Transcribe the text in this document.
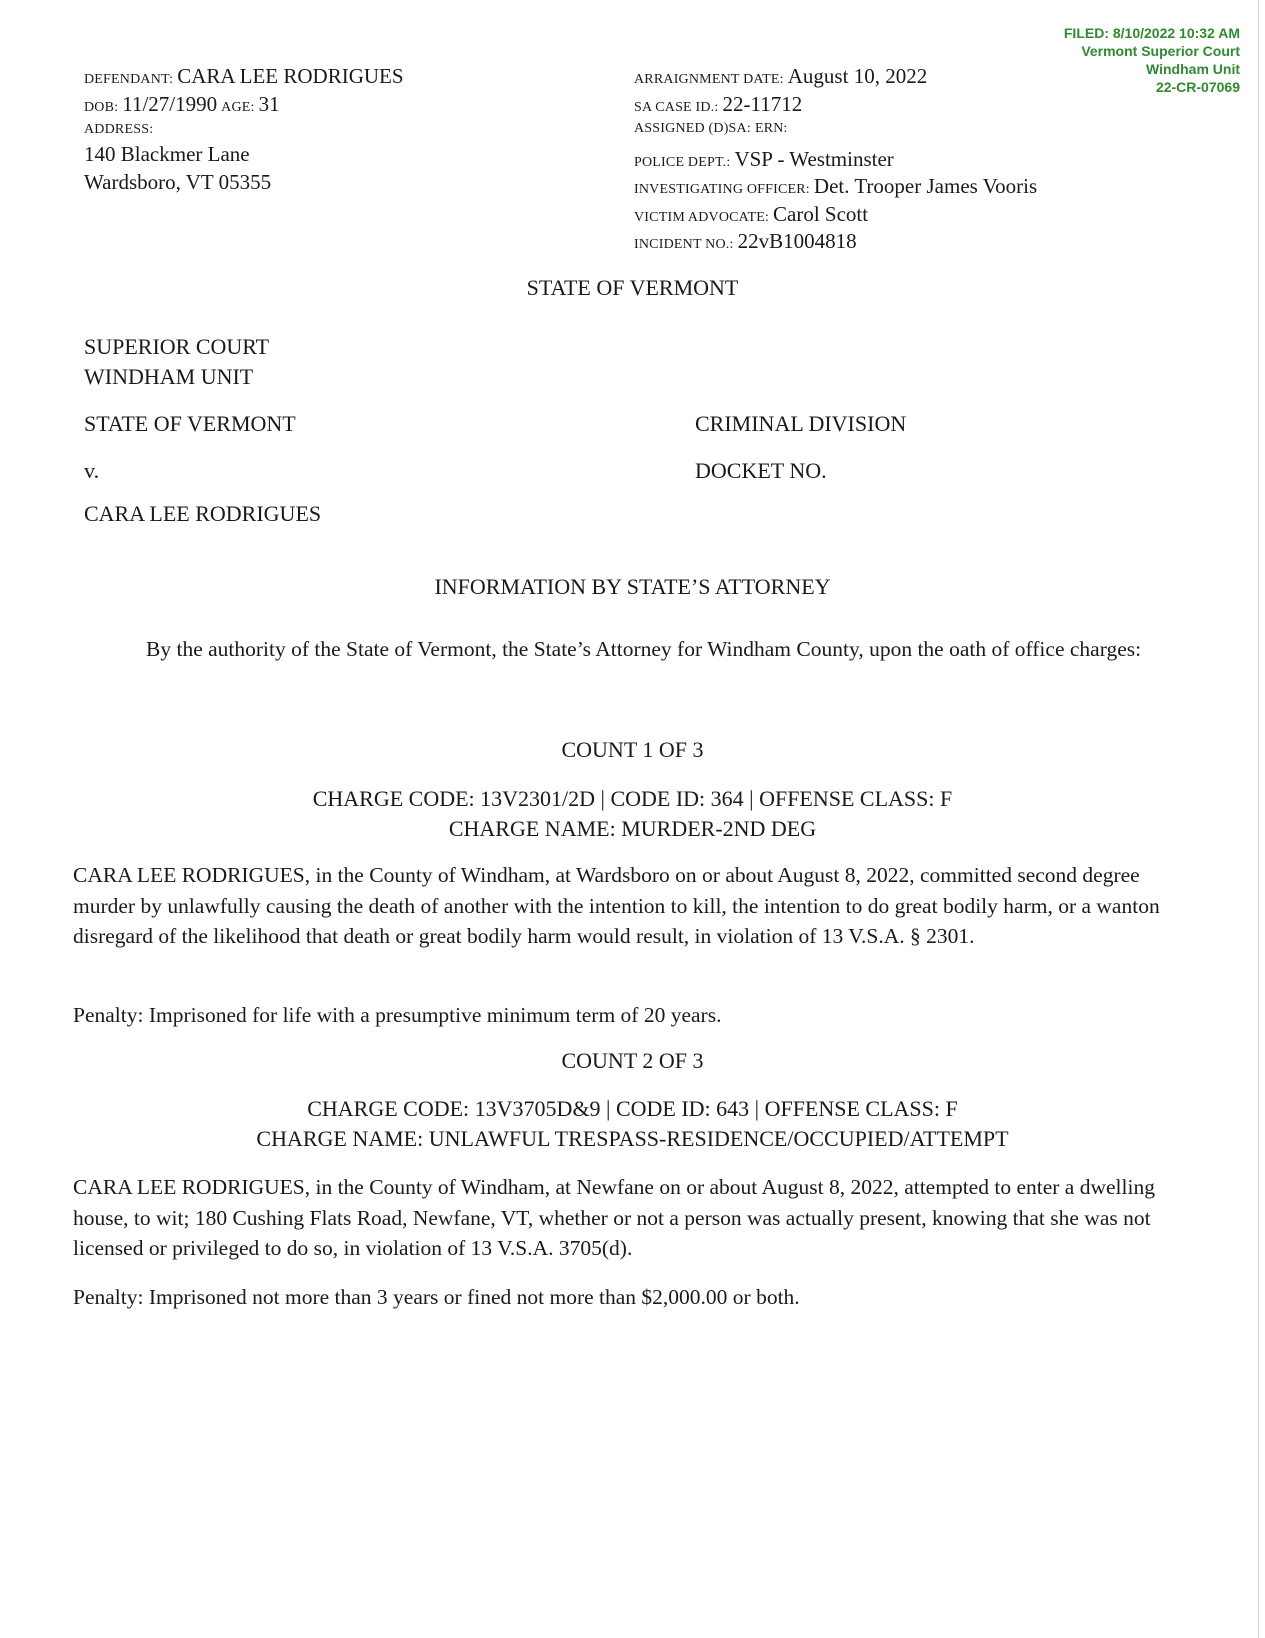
FILED: 8/10/2022 10:32 AM
Vermont Superior Court
Windham Unit
22-CR-07069
DEFENDANT: CARA LEE RODRIGUES
DOB: 11/27/1990 AGE: 31
ADDRESS:
140 Blackmer Lane
Wardsboro, VT 05355
ARRAIGNMENT DATE: August 10, 2022
SA CASE ID.: 22-11712
ASSIGNED (D)SA: ERN:
POLICE DEPT.: VSP - Westminster
INVESTIGATING OFFICER: Det. Trooper James Vooris
VICTIM ADVOCATE: Carol Scott
INCIDENT NO.: 22vB1004818
STATE OF VERMONT
SUPERIOR COURT
WINDHAM UNIT
STATE OF VERMONT
v.
CARA LEE RODRIGUES
CRIMINAL DIVISION
DOCKET NO.
INFORMATION BY STATE’S ATTORNEY
By the authority of the State of Vermont, the State’s Attorney for Windham County, upon the oath of office charges:
COUNT 1 OF 3
CHARGE CODE: 13V2301/2D | CODE ID: 364 | OFFENSE CLASS: F
CHARGE NAME: MURDER-2ND DEG
CARA LEE RODRIGUES, in the County of Windham, at Wardsboro on or about August 8, 2022, committed second degree murder by unlawfully causing the death of another with the intention to kill, the intention to do great bodily harm, or a wanton disregard of the likelihood that death or great bodily harm would result, in violation of 13 V.S.A. § 2301.
Penalty: Imprisoned for life with a presumptive minimum term of 20 years.
COUNT 2 OF 3
CHARGE CODE: 13V3705D&9 | CODE ID: 643 | OFFENSE CLASS: F
CHARGE NAME: UNLAWFUL TRESPASS-RESIDENCE/OCCUPIED/ATTEMPT
CARA LEE RODRIGUES, in the County of Windham, at Newfane on or about August 8, 2022, attempted to enter a dwelling house, to wit; 180 Cushing Flats Road, Newfane, VT, whether or not a person was actually present, knowing that she was not licensed or privileged to do so, in violation of 13 V.S.A. 3705(d).
Penalty: Imprisoned not more than 3 years or fined not more than $2,000.00 or both.
